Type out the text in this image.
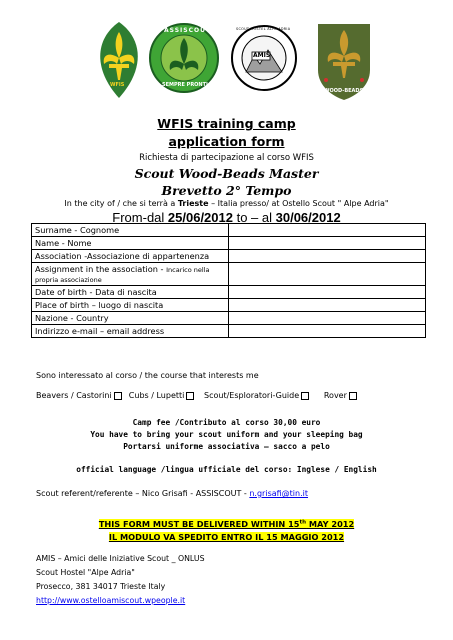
WFIS
ASSISCOUT
SEMPRE PRONTI
AMIS
SCOUT HOSTEL ALPE ADRIA
WOOD-BEADS
WFIS training camp
application form
Richiesta di partecipazione al corso WFIS
Scout Wood-Beads Master
Brevetto 2° Tempo
In the city of / che si terrà a Trieste – Italia presso/ at Ostello Scout " Alpe Adria"
From-dal 25/06/2012 to – al 30/06/2012
Surname - Cognome	
Name - Nome	
Association -Associazione di appartenenza	
Assignment in the association - Incarico nella propria associazione	
Date of birth - Data di nascita	
Place of birth – luogo di nascita	
Nazione - Country	
Indirizzo e-mail – email address	
Sono interessato al corso / the course that interests me
Beavers / Castorini Cubs / Lupetti Scout/Esploratori-Guide	Rover
Camp fee /Contributo al corso 30,00 euro
You have to bring your scout uniform and your sleeping bag
Portarsi uniforme associativa – sacco a pelo
official language /lingua ufficiale del corso: Inglese / English
Scout referent/referente – Nico Grisafi - ASSISCOUT - n.grisafi@tin.it
THIS FORM MUST BE DELIVERED WITHIN 15th MAY 2012
IL MODULO VA SPEDITO ENTRO IL 15 MAGGIO 2012
AMIS – Amici delle Iniziative Scout _ ONLUS
Scout Hostel "Alpe Adria"
Prosecco, 381 34017 Trieste Italy
http://www.ostelloamiscout.wpeople.it
